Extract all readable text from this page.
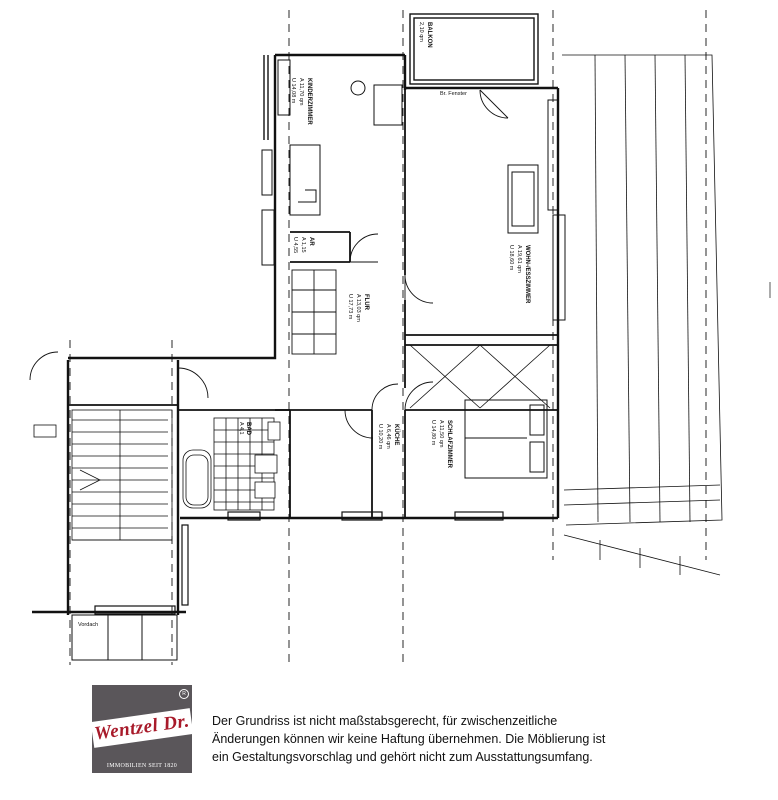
KINDERZIMMER
A 11,70 qm
U 14,08 m
AR
A 1,15
U 4,55
FLUR
A 13,03 qm
U 17,73 m
WOHN-/ESSZIMMER
A 19,61 qm
U 18,60 m
KÜCHE
A 6,46 qm
U 10,20 m	SCHLAFZIMMER
A 11,50 qm
U 14,80 m
BALKON
2,10 qm
BAD
A 4,1
Br. Fenster
Vordach
R
Wentzel Dr.
IMMOBILIEN SEIT 1820
Der Grundriss ist nicht maßstabsgerecht, für zwischenzeitliche
Änderungen können wir keine Haftung übernehmen. Die Möblierung ist
ein Gestaltungsvorschlag und gehört nicht zum Ausstattungsumfang.
